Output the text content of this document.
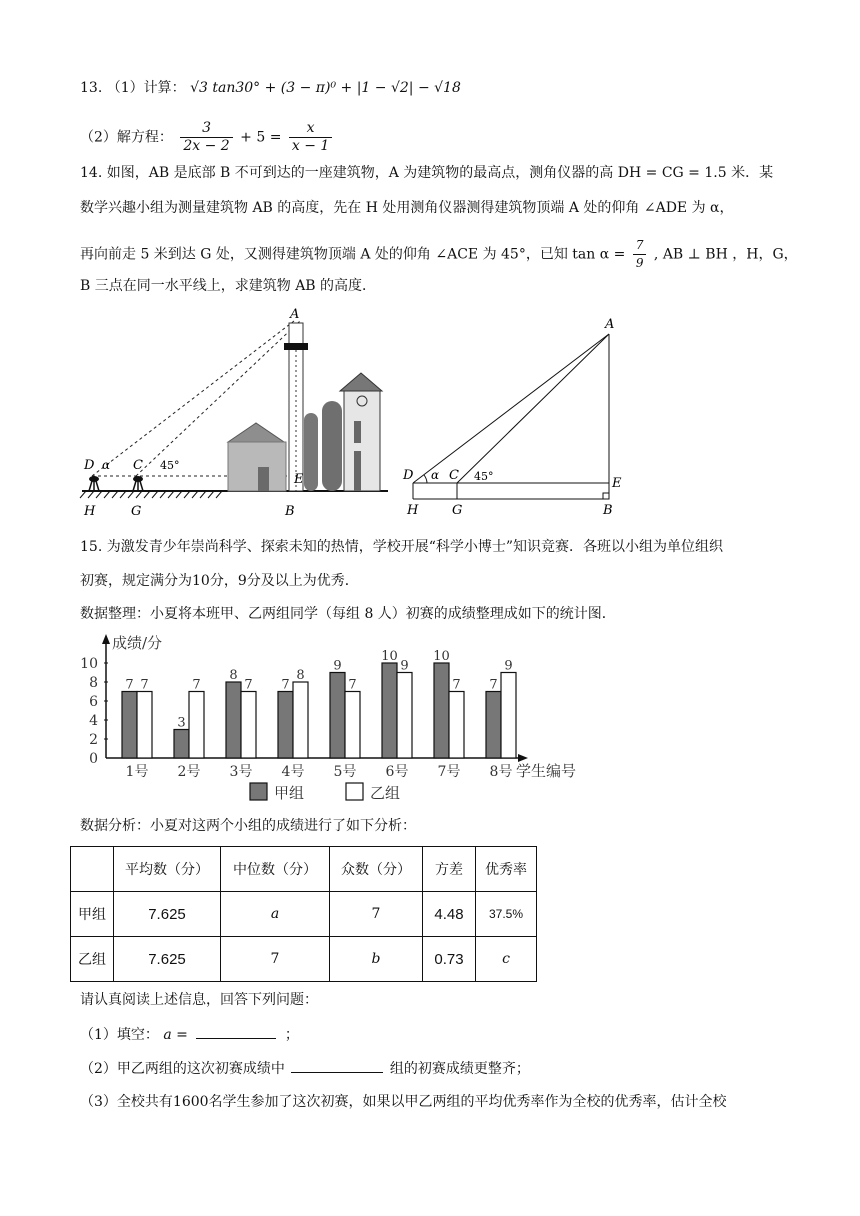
13. （1）计算： √3 tan30° + (3 − π)⁰ + |1 − √2| − √18
（2）解方程： $\frac{3}{2x - 2} + 5 = \frac{x}{x - 1}$
14. 如图，AB 是底部 B 不可到达的一座建筑物，A 为建筑物的最高点，测角仪器的高 DH = CG = 1.5 米．某
数学兴趣小组为测量建筑物 AB 的高度，先在 H 处用测角仪器测得建筑物顶端 A 处的仰角 ∠ADE 为 α，
再向前走 5 米到达 G 处，又测得建筑物顶端 A 处的仰角 ∠ACE 为 45°，已知 $\tan \alpha = \frac{7}{9}$ , AB ⊥ BH ，H，G，
B 三点在同一水平线上，求建筑物 AB 的高度．
A
D α C 45°
E
H	G	B
A
D α C 45°	E
H	G	B
15. 为激发青少年崇尚科学、探索未知的热情，学校开展“科学小博士”知识竞赛．各班以小组为单位组织
初赛，规定满分为10分，9分及以上为优秀．
数据整理：小夏将本班甲、乙两组同学（每组 8 人）初赛的成绩整理成如下的统计图．
成绩/分
学生编号
0
2
4
6
8
10
7 7
1号
3
7
2号
8
7
3号
7
8
4号
9
7
5号
10
9
6号
10
7
7号
7
9
8号
甲组	乙组
数据分析：小夏对这两个小组的成绩进行了如下分析：
	平均数（分）	中位数（分）	众数（分）	方差	优秀率
甲组	7.625	a	7	4.48	37.5%
乙组	7.625	7	b	0.73	c
请认真阅读上述信息，回答下列问题：
（1）填空： a =	；
（2）甲乙两组的这次初赛成绩中	组的初赛成绩更整齐；
（3）全校共有1600名学生参加了这次初赛，如果以甲乙两组的平均优秀率作为全校的优秀率，估计全校
